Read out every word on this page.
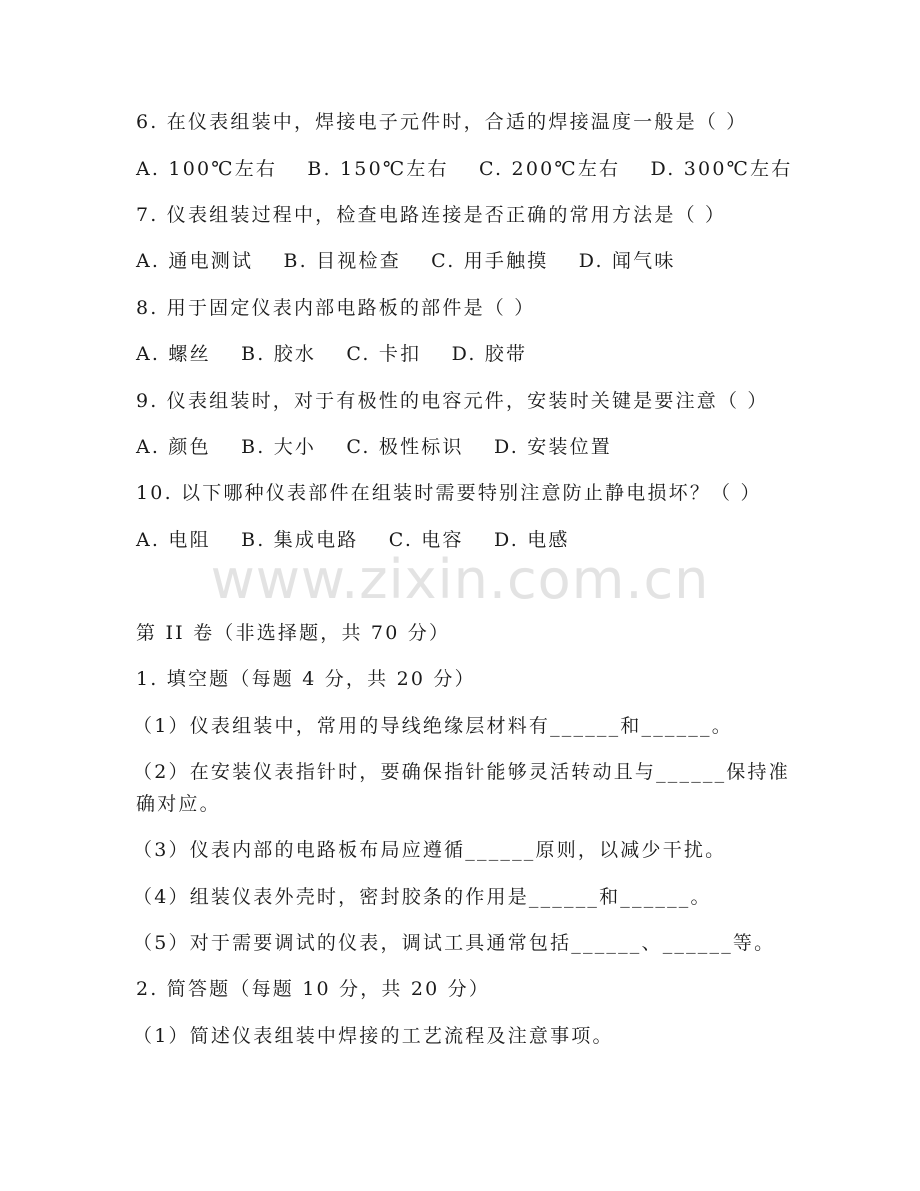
www.zixin.com.cn
6. 在仪表组装中，焊接电子元件时，合适的焊接温度一般是（ ）
A. 100℃左右 B. 150℃左右 C. 200℃左右 D. 300℃左右
7. 仪表组装过程中，检查电路连接是否正确的常用方法是（ ）
A. 通电测试 B. 目视检查 C. 用手触摸 D. 闻气味
8. 用于固定仪表内部电路板的部件是（ ）
A. 螺丝 B. 胶水 C. 卡扣 D. 胶带
9. 仪表组装时，对于有极性的电容元件，安装时关键是要注意（ ）
A. 颜色 B. 大小 C. 极性标识 D. 安装位置
10. 以下哪种仪表部件在组装时需要特别注意防止静电损坏？（ ）
A. 电阻 B. 集成电路 C. 电容 D. 电感
第 II 卷（非选择题，共 70 分）
1. 填空题（每题 4 分，共 20 分）
（1）仪表组装中，常用的导线绝缘层材料有______和______。
（2）在安装仪表指针时，要确保指针能够灵活转动且与______保持准
确对应。
（3）仪表内部的电路板布局应遵循______原则，以减少干扰。
（4）组装仪表外壳时，密封胶条的作用是______和______。
（5）对于需要调试的仪表，调试工具通常包括______、______等。
2. 简答题（每题 10 分，共 20 分）
（1）简述仪表组装中焊接的工艺流程及注意事项。
